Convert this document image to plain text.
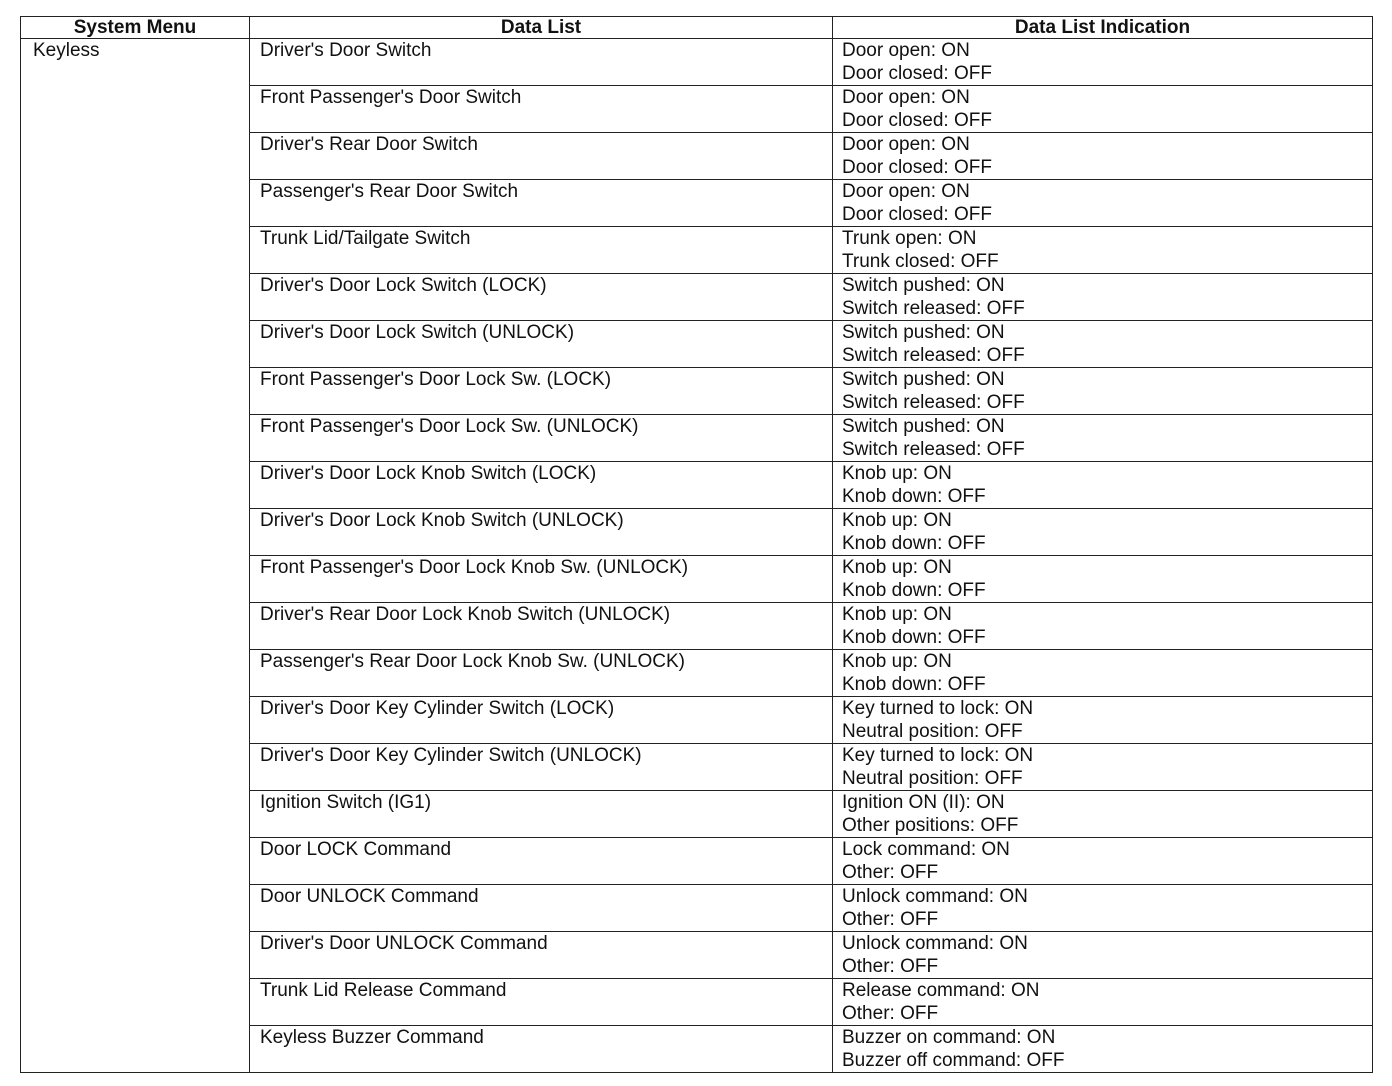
System Menu	Data List	Data List Indication
Keyless	Driver's Door Switch	Door open: ON
Door closed: OFF

	Front Passenger's Door Switch	Door open: ON
Door closed: OFF

	Driver's Rear Door Switch	Door open: ON
Door closed: OFF

	Passenger's Rear Door Switch	Door open: ON
Door closed: OFF

	Trunk Lid/Tailgate Switch	Trunk open: ON
Trunk closed: OFF

	Driver's Door Lock Switch (LOCK)	Switch pushed: ON
Switch released: OFF

	Driver's Door Lock Switch (UNLOCK)	Switch pushed: ON
Switch released: OFF

	Front Passenger's Door Lock Sw. (LOCK)	Switch pushed: ON
Switch released: OFF

	Front Passenger's Door Lock Sw. (UNLOCK)	Switch pushed: ON
Switch released: OFF

	Driver's Door Lock Knob Switch (LOCK)	Knob up: ON
Knob down: OFF

	Driver's Door Lock Knob Switch (UNLOCK)	Knob up: ON
Knob down: OFF

	Front Passenger's Door Lock Knob Sw. (UNLOCK)	Knob up: ON
Knob down: OFF

	Driver's Rear Door Lock Knob Switch (UNLOCK)	Knob up: ON
Knob down: OFF

	Passenger's Rear Door Lock Knob Sw. (UNLOCK)	Knob up: ON
Knob down: OFF

	Driver's Door Key Cylinder Switch (LOCK)	Key turned to lock: ON
Neutral position: OFF

	Driver's Door Key Cylinder Switch (UNLOCK)	Key turned to lock: ON
Neutral position: OFF

	Ignition Switch (IG1)	Ignition ON (II): ON
Other positions: OFF

	Door LOCK Command	Lock command: ON
Other: OFF

	Door UNLOCK Command	Unlock command: ON
Other: OFF

	Driver's Door UNLOCK Command	Unlock command: ON
Other: OFF

	Trunk Lid Release Command	Release command: ON
Other: OFF

	Keyless Buzzer Command	Buzzer on command: ON
Buzzer off command: OFF
